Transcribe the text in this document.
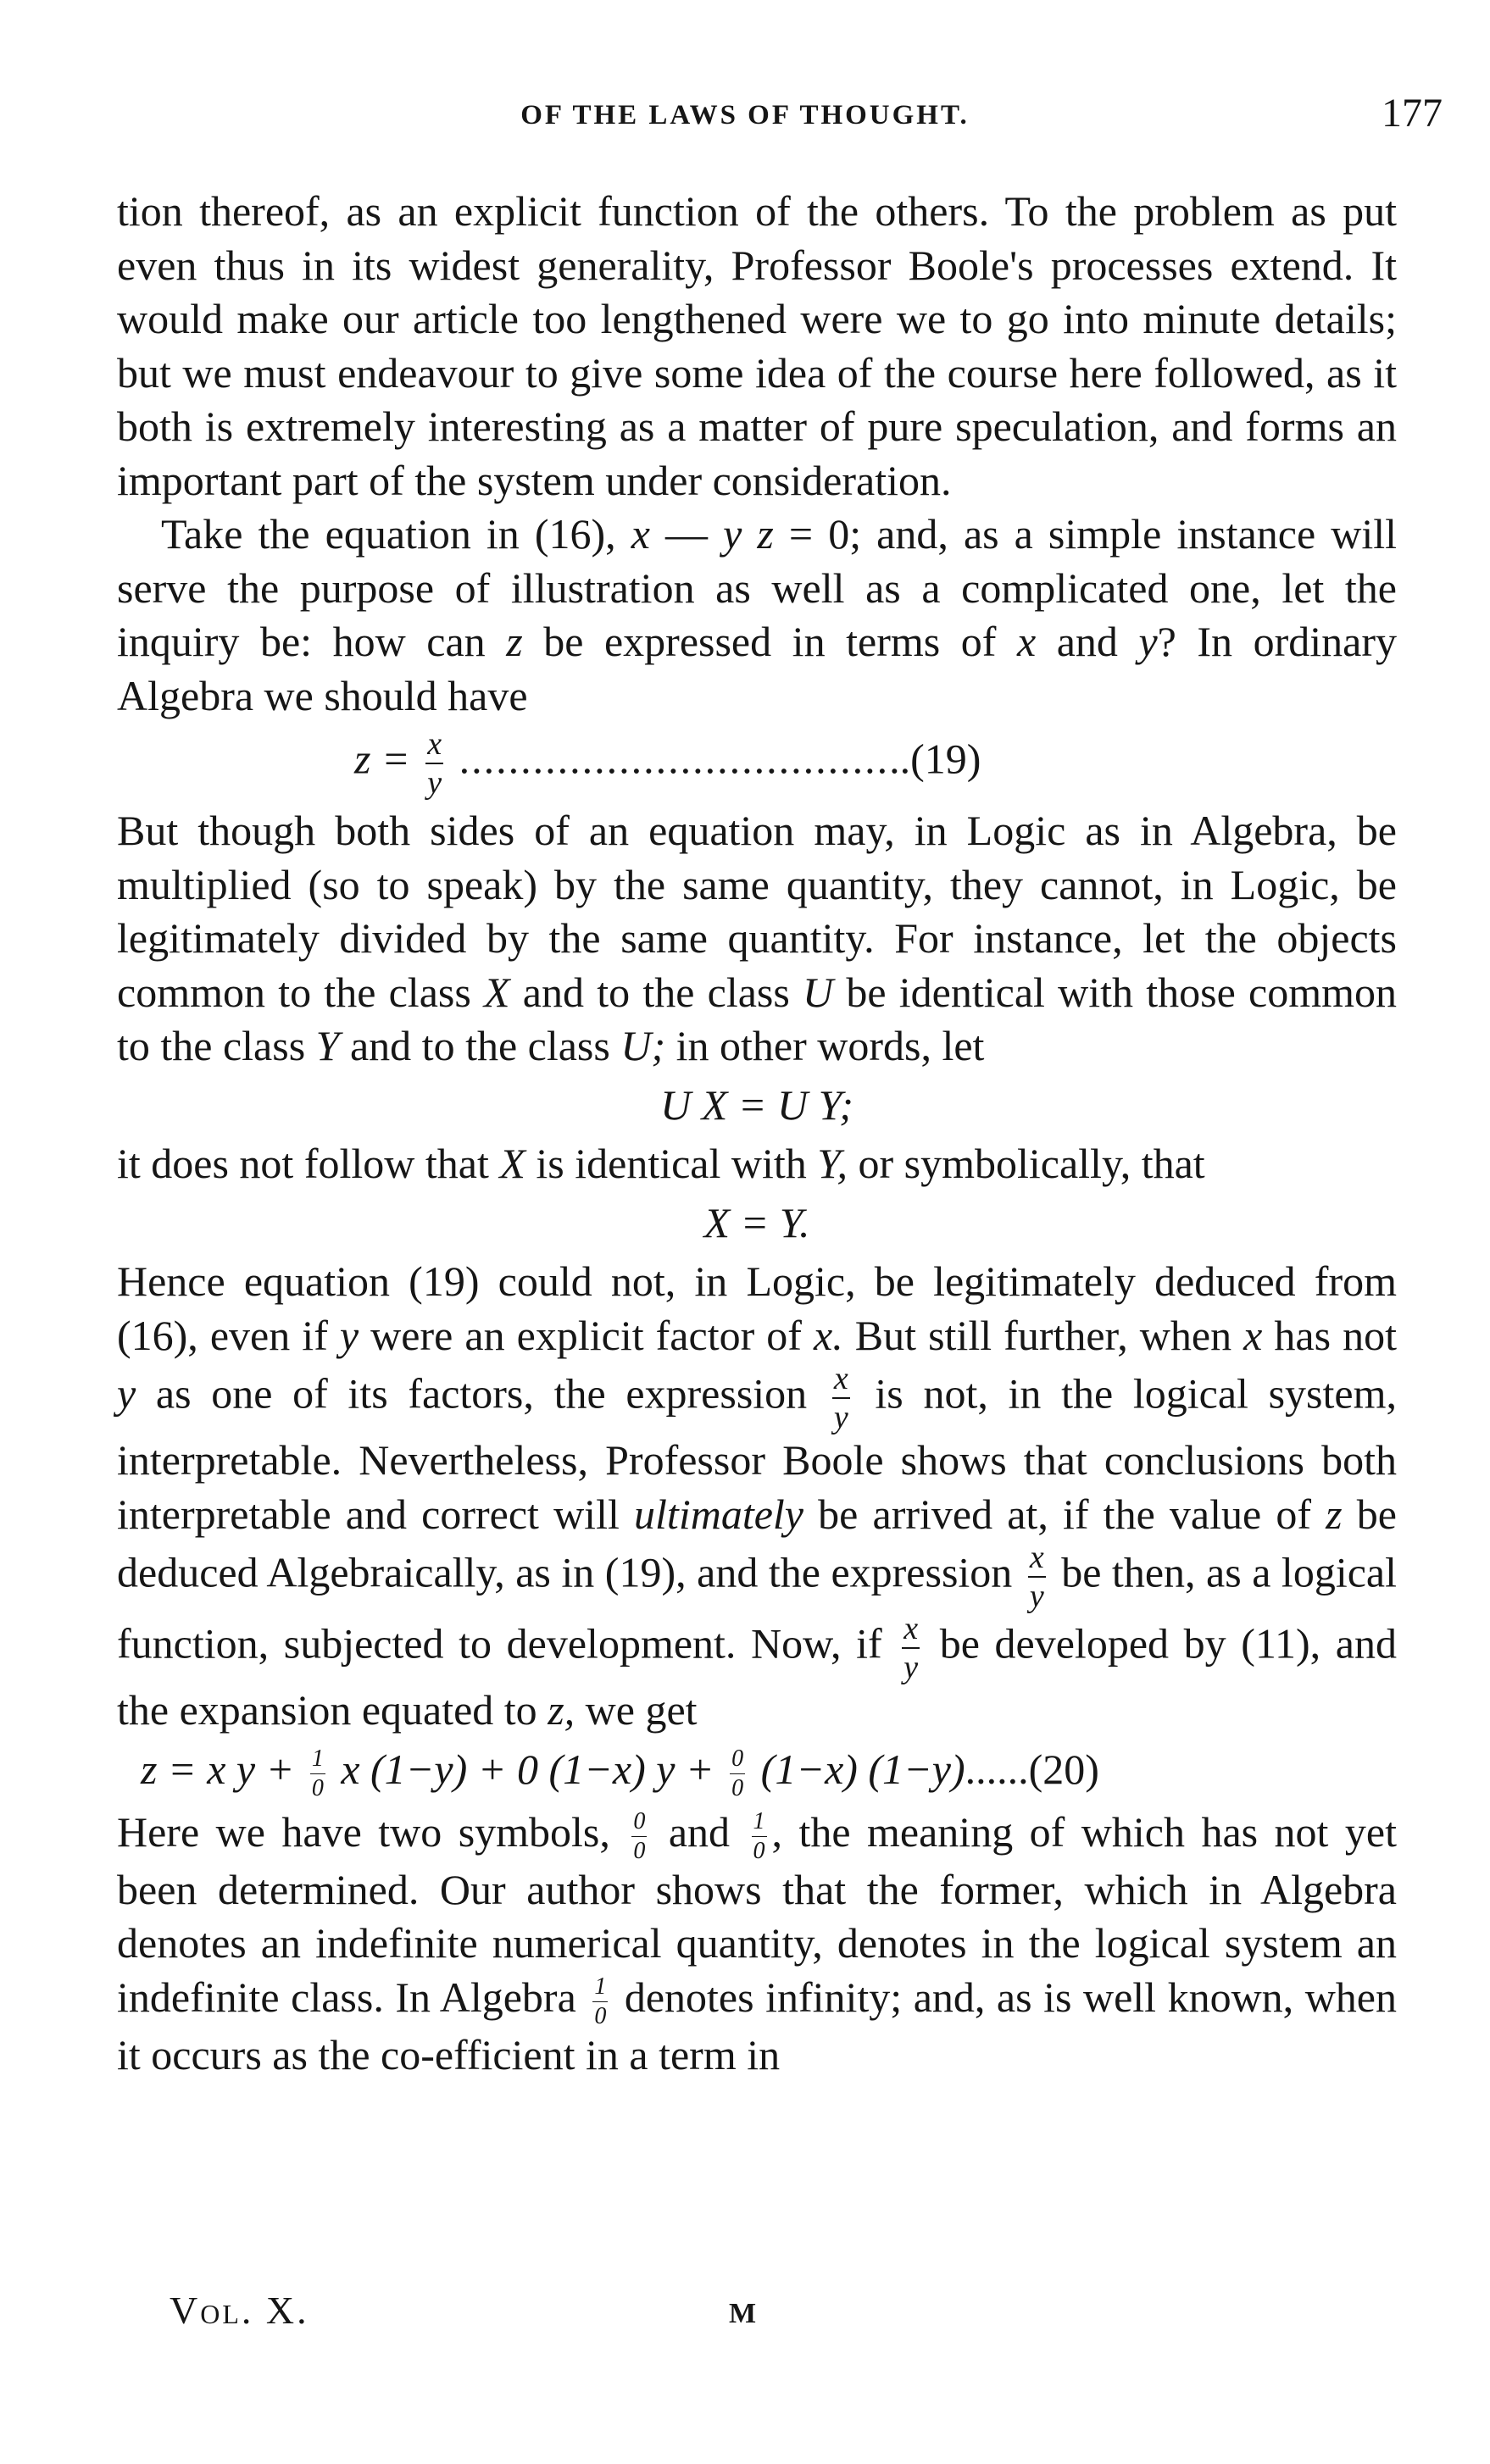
OF THE LAWS OF THOUGHT.	177

tion thereof, as an explicit function of the others. To the problem as put even thus in its widest generality, Professor Boole's processes extend. It would make our article too lengthened were we to go into minute details; but we must endeavour to give some idea of the course here followed, as it both is extremely interesting as a matter of pure speculation, and forms an important part of the system under consideration.

Take the equation in (16), x — y z = 0; and, as a simple instance will serve the purpose of illustration as well as a complicated one, let the inquiry be: how can z be expressed in terms of x and y? In ordinary Algebra we should have

$z = \frac{x}{y} .....................................(19)$

But though both sides of an equation may, in Logic as in Algebra, be multiplied (so to speak) by the same quantity, they cannot, in Logic, be legitimately divided by the same quantity. For instance, let the objects common to the class X and to the class U be identical with those common to the class Y and to the class U; in other words, let

U X = U Y;

it does not follow that X is identical with Y, or symbolically, that

X = Y.

Hence equation (19) could not, in Logic, be legitimately deduced from (16), even if y were an explicit factor of x. But still further, when x has not y as one of its factors, the expression $\frac{x}{y}$ is not, in the logical system, interpretable. Nevertheless, Professor Boole shows that conclusions both interpretable and correct will ultimately be arrived at, if the value of z be deduced Algebraically, as in (19), and the expression $\frac{x}{y}$ be then, as a logical function, subjected to development. Now, if $\frac{x}{y}$ be developed by (11), and the expansion equated to z, we get

z = x $y + \frac{1}{0}$ x (1−y) + 0 (1−x) $y + \frac{0}{0} (1-x)$ (1−y)......(20)

Here we have two symbols, $\frac{0}{0}$ and $\frac{1}{0}$ , the meaning of which has not yet been determined. Our author shows that the former, which in Algebra denotes an indefinite numerical quantity, denotes in the logical system an indefinite class. In Algebra $\frac{1}{0}$ denotes infinity; and, as is well known, when it occurs as the co-efficient in a term in

Vol. X.	M
